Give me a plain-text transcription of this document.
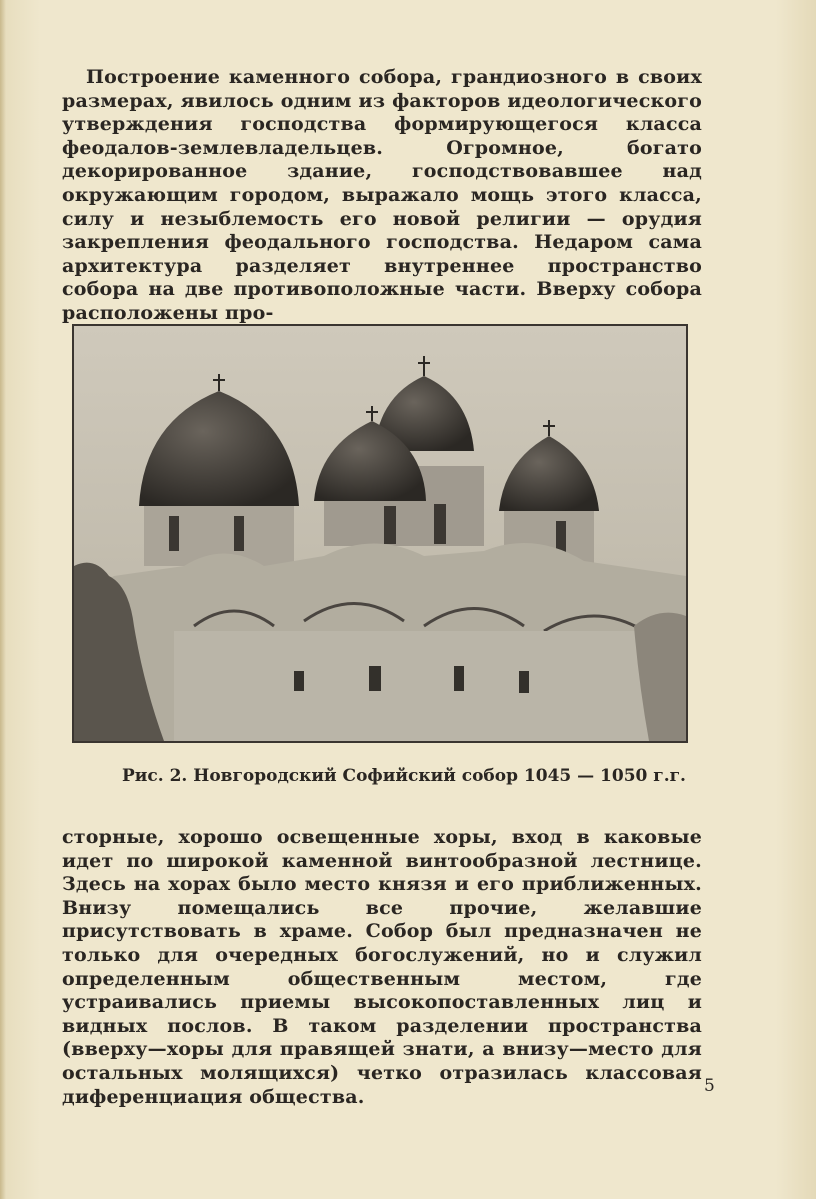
Построение каменного собора, грандиозного в своих размерах, явилось одним из факторов идеологического утверждения господства формирующегося класса феодалов-землевладельцев. Огромное, богато декорированное здание, господствовавшее над окружающим городом, выражало мощь этого класса, силу и незыблемость его новой религии — орудия закрепления феодального господства. Недаром сама архитектура разделяет внутреннее пространство собора на две противоположные части. Вверху собора расположены про-

Рис. 2. Новгородский Софийский собор 1045 — 1050 г.г.

сторные, хорошо освещенные хоры, вход в каковые идет по широкой каменной винтообразной лестнице. Здесь на хорах было место князя и его приближенных. Внизу помещались все прочие, желавшие присутствовать в храме. Собор был предназначен не только для очередных богослужений, но и служил определенным общественным местом, где устраивались приемы высокопоставленных лиц и видных послов. В таком разделении пространства (вверху—хоры для правящей знати, а внизу—место для остальных молящихся) четко отразилась классовая диференциация общества.	5
